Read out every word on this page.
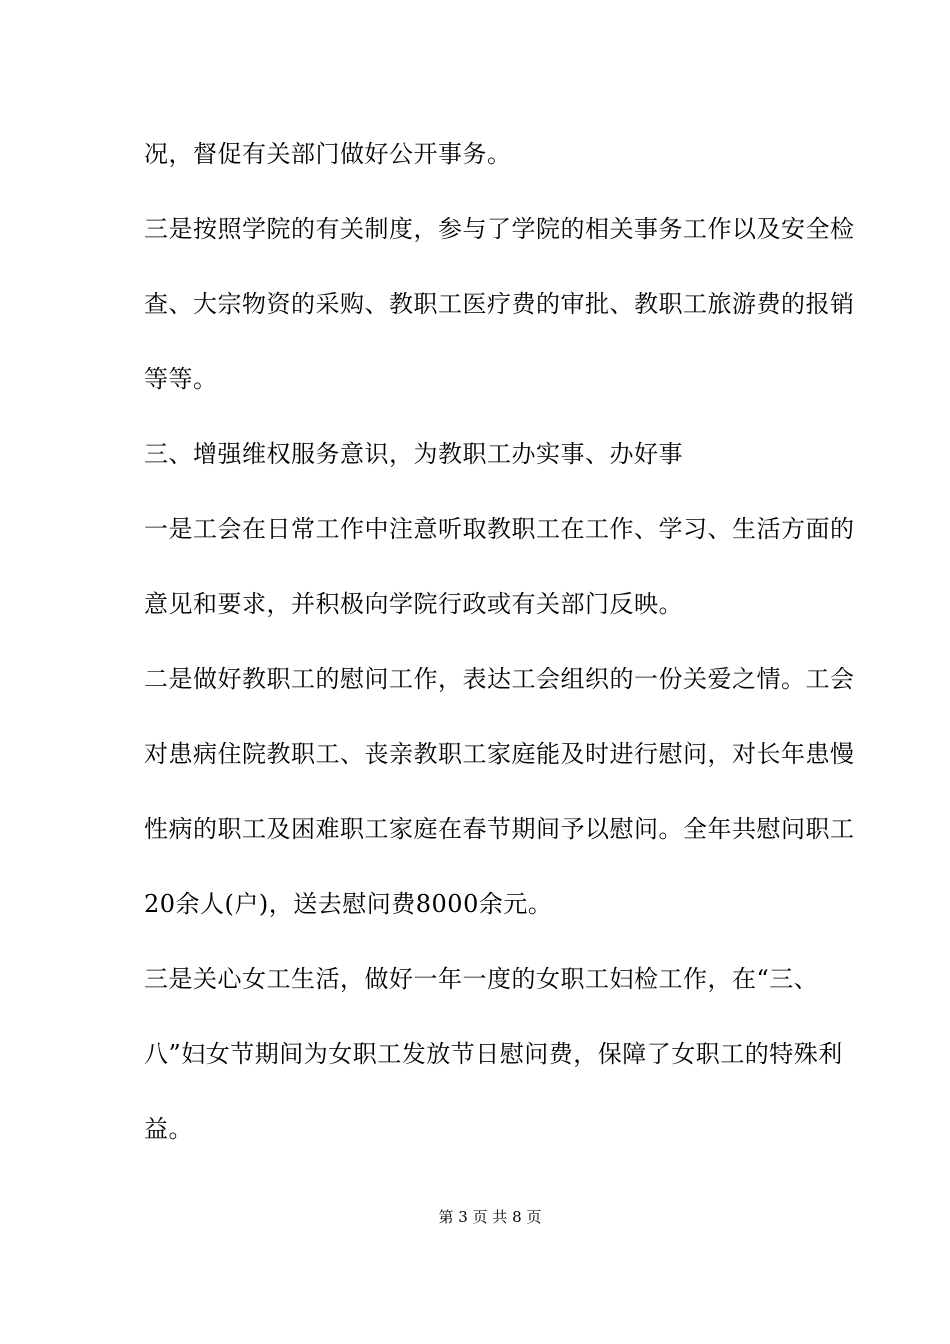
况，督促有关部门做好公开事务。
三是按照学院的有关制度，参与了学院的相关事务工作以及安全检
查、大宗物资的采购、教职工医疗费的审批、教职工旅游费的报销
等等。
三、增强维权服务意识，为教职工办实事、办好事
一是工会在日常工作中注意听取教职工在工作、学习、生活方面的
意见和要求，并积极向学院行政或有关部门反映。
二是做好教职工的慰问工作，表达工会组织的一份关爱之情。工会
对患病住院教职工、丧亲教职工家庭能及时进行慰问，对长年患慢
性病的职工及困难职工家庭在春节期间予以慰问。全年共慰问职工
20余人(户)，送去慰问费8000余元。
三是关心女工生活，做好一年一度的女职工妇检工作，在“三、
八”妇女节期间为女职工发放节日慰问费，保障了女职工的特殊利
益。
第 3 页 共 8 页
